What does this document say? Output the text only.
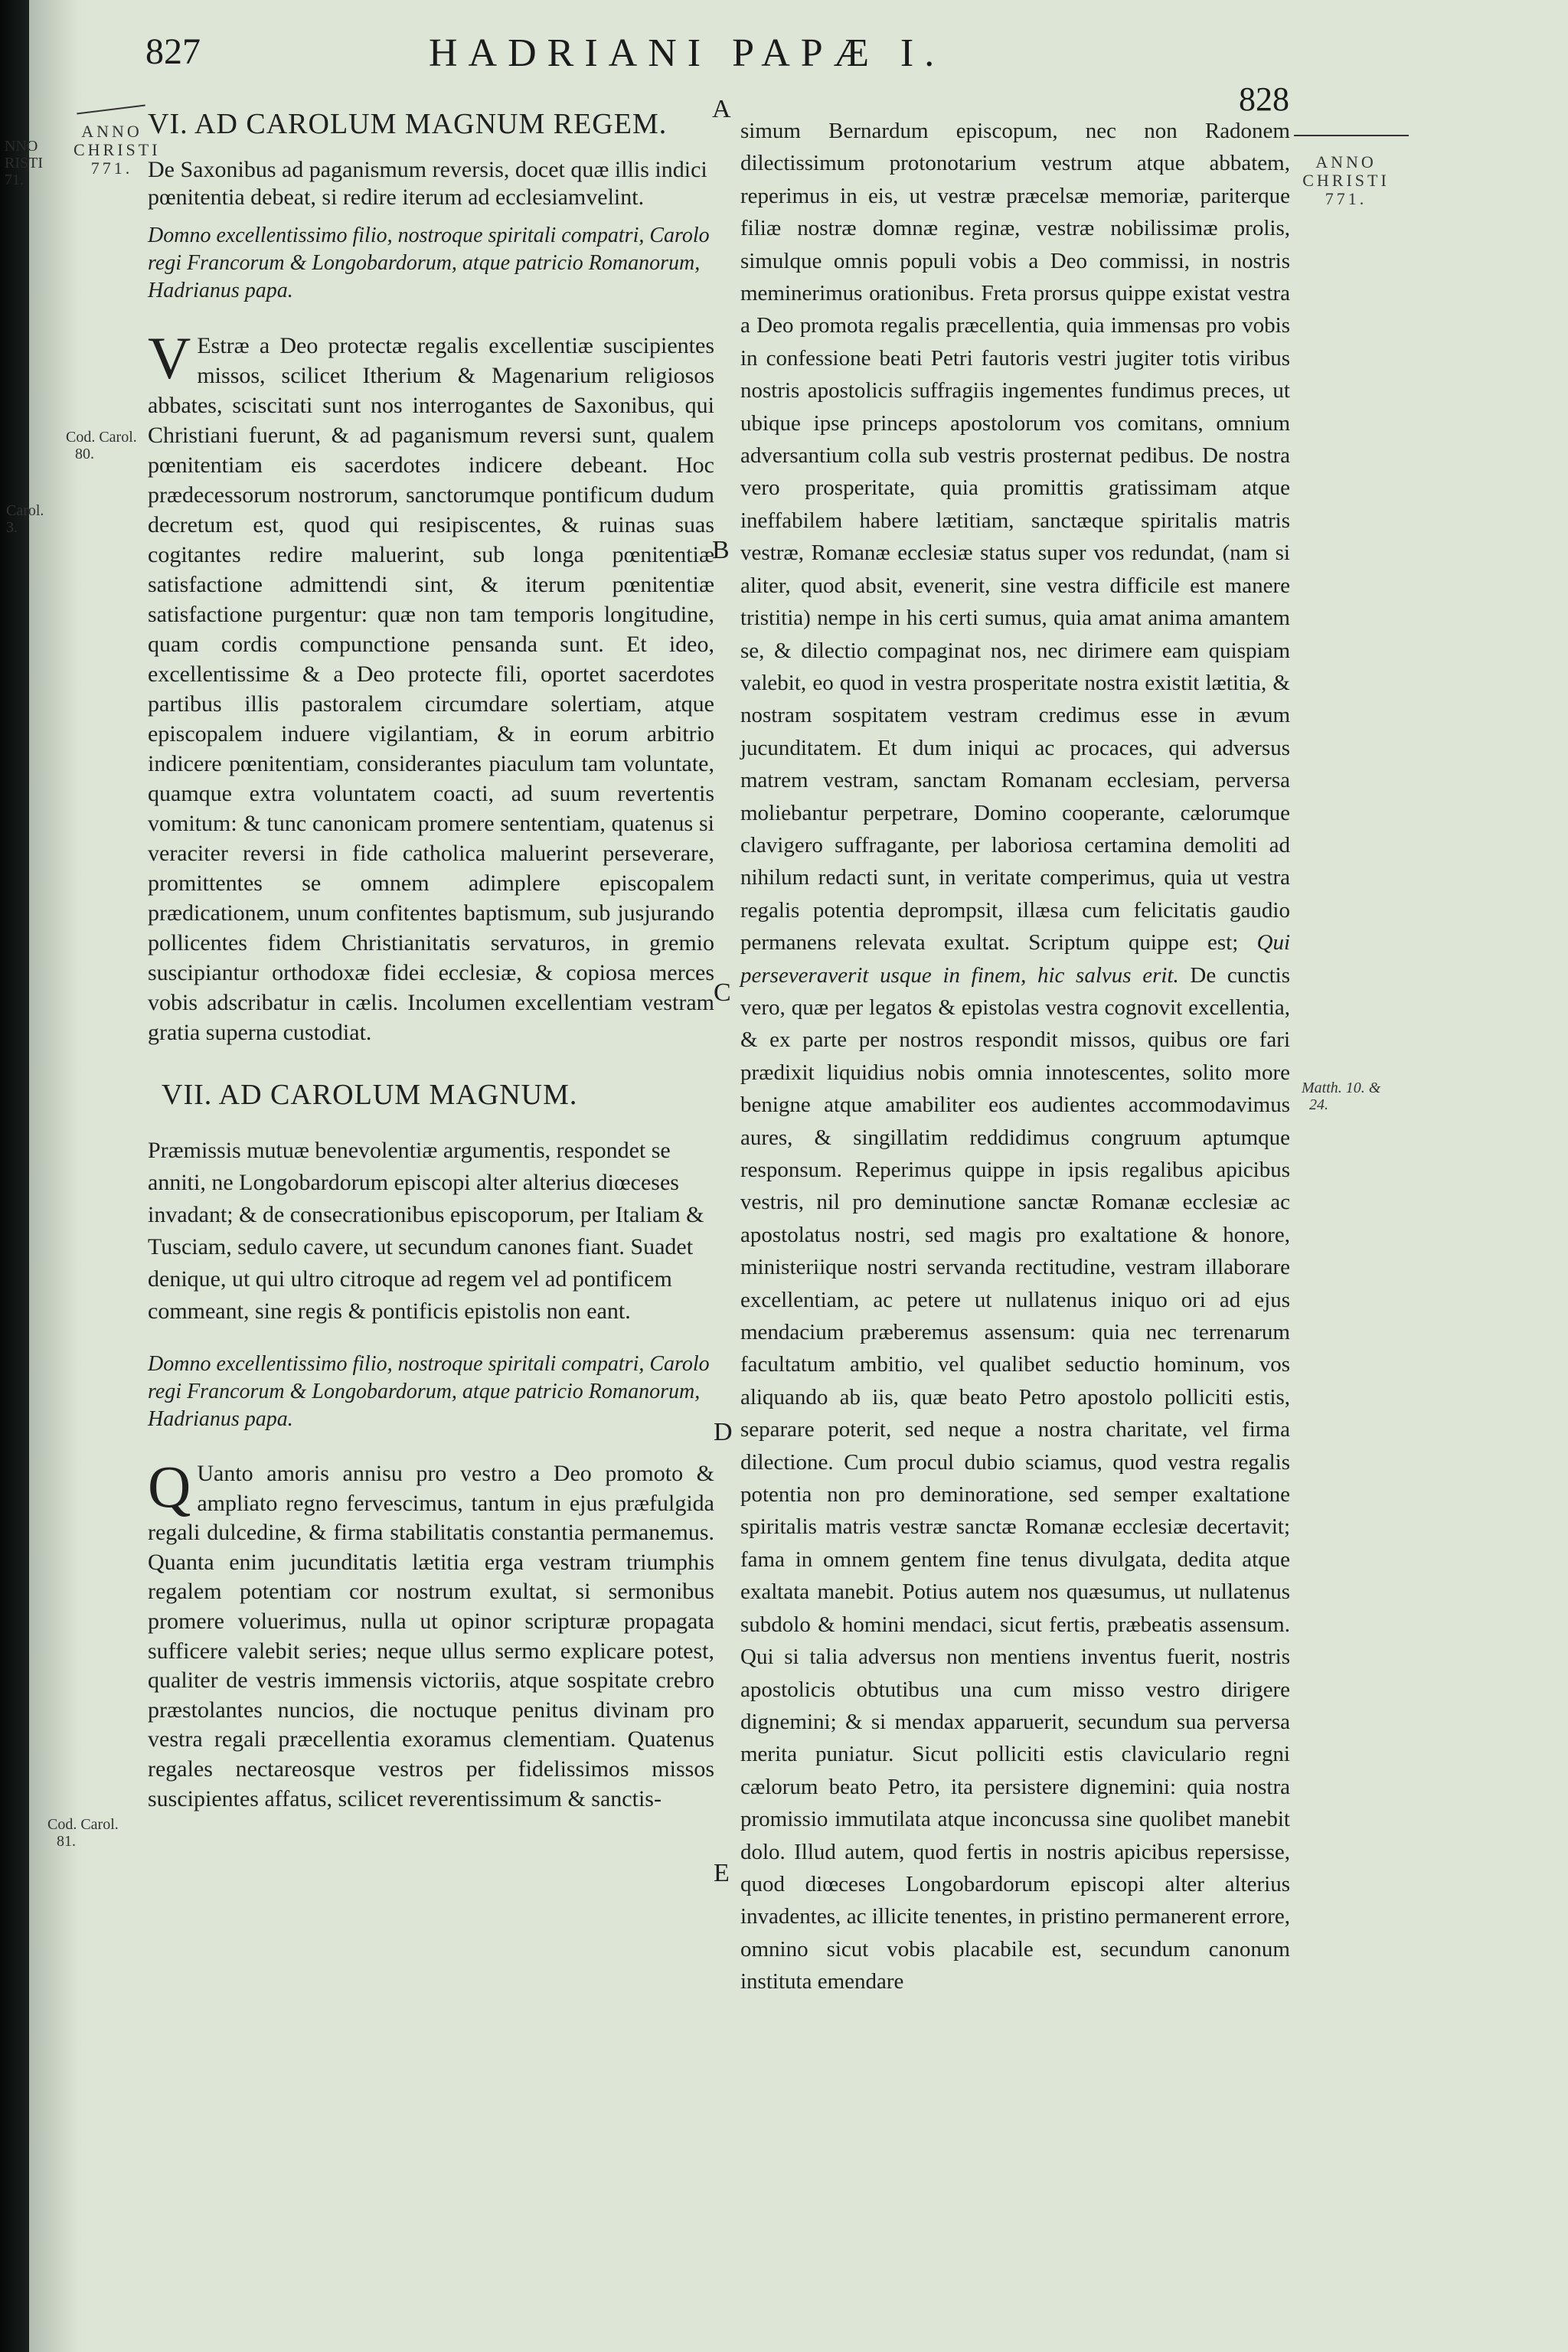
NNO
RISTI
71.
Carol.
3.
827	HADRIANI PAPÆ I.
828
ANNO
CHRISTI
771.	ANNO
CHRISTI
771.
Cod. Carol.
80.
Cod. Carol.
81.
Matth. 10. &
24.
A
B
C
D
E
VI. AD CAROLUM MAGNUM REGEM.
De Saxonibus ad paganismum reversis, docet quæ illis indici pœnitentia debeat, si redire iterum ad ecclesiamvelint.
Domno excellentissimo filio, nostroque spiritali compatri, Carolo regi Francorum & Longobardorum, atque patricio Romanorum, Hadrianus papa.
V Estræ a Deo protectæ regalis excellentiæ suscipientes missos, scilicet Itherium & Magenarium religiosos abbates, sciscitati sunt nos interrogantes de Saxonibus, qui Christiani fuerunt, & ad paganismum reversi sunt, qualem pœnitentiam eis sacerdotes indicere debeant. Hoc prædecessorum nostrorum, sanctorumque pontificum dudum decretum est, quod qui resipiscentes, & ruinas suas cogitantes redire maluerint, sub longa pœnitentiæ satisfactione admittendi sint, & iterum pœnitentiæ satisfactione purgentur: quæ non tam temporis longitudine, quam cordis compunctione pensanda sunt. Et ideo, excellentissime & a Deo protecte fili, oportet sacerdotes partibus illis pastoralem circumdare solertiam, atque episcopalem induere vigilantiam, & in eorum arbitrio indicere pœnitentiam, considerantes piaculum tam voluntate, quamque extra voluntatem coacti, ad suum revertentis vomitum: & tunc canonicam promere sententiam, quatenus si veraciter reversi in fide catholica maluerint perseverare, promittentes se omnem adimplere episcopalem prædicationem, unum confitentes baptismum, sub jusjurando pollicentes fidem Christianitatis servaturos, in gremio suscipiantur orthodoxæ fidei ecclesiæ, & copiosa merces vobis adscribatur in cælis. Incolumen excellentiam vestram gratia superna custodiat.
VII. AD CAROLUM MAGNUM.
Præmissis mutuæ benevolentiæ argumentis, respondet se anniti, ne Longobardorum episcopi alter alterius diœceses invadant; & de consecrationibus episcoporum, per Italiam & Tusciam, sedulo cavere, ut secundum canones fiant. Suadet denique, ut qui ultro citroque ad regem vel ad pontificem commeant, sine regis & pontificis epistolis non eant.
Domno excellentissimo filio, nostroque spiritali compatri, Carolo regi Francorum & Longobardorum, atque patricio Romanorum, Hadrianus papa.
Q Uanto amoris annisu pro vestro a Deo promoto & ampliato regno fervescimus, tantum in ejus præfulgida regali dulcedine, & firma stabilitatis constantia permanemus. Quanta enim jucunditatis lætitia erga vestram triumphis regalem potentiam cor nostrum exultat, si sermonibus promere voluerimus, nulla ut opinor scripturæ propagata sufficere valebit series; neque ullus sermo explicare potest, qualiter de vestris immensis victoriis, atque sospitate crebro præstolantes nuncios, die noctuque penitus divinam pro vestra regali præcellentia exoramus clementiam. Quatenus regales nectareosque vestros per fidelissimos missos suscipientes affatus, scilicet reverentissimum & sanctis-
simum Bernardum episcopum, nec non Radonem dilectissimum protonotarium vestrum atque abbatem, reperimus in eis, ut vestræ præcelsæ memoriæ, pariterque filiæ nostræ domnæ reginæ, vestræ nobilissimæ prolis, simulque omnis populi vobis a Deo commissi, in nostris meminerimus orationibus. Freta prorsus quippe existat vestra a Deo promota regalis præcellentia, quia immensas pro vobis in confessione beati Petri fautoris vestri jugiter totis viribus nostris apostolicis suffragiis ingementes fundimus preces, ut ubique ipse princeps apostolorum vos comitans, omnium adversantium colla sub vestris prosternat pedibus. De nostra vero prosperitate, quia promittis gratissimam atque ineffabilem habere lætitiam, sanctæque spiritalis matris vestræ, Romanæ ecclesiæ status super vos redundat, (nam si aliter, quod absit, evenerit, sine vestra difficile est manere tristitia) nempe in his certi sumus, quia amat anima amantem se, & dilectio compaginat nos, nec dirimere eam quispiam valebit, eo quod in vestra prosperitate nostra existit lætitia, & nostram sospitatem vestram credimus esse in ævum jucunditatem. Et dum iniqui ac procaces, qui adversus matrem vestram, sanctam Romanam ecclesiam, perversa moliebantur perpetrare, Domino cooperante, cælorumque clavigero suffragante, per laboriosa certamina demoliti ad nihilum redacti sunt, in veritate comperimus, quia ut vestra regalis potentia deprompsit, illæsa cum felicitatis gaudio permanens relevata exultat. Scriptum quippe est; Qui perseveraverit usque in finem, hic salvus erit. De cunctis vero, quæ per legatos & epistolas vestra cognovit excellentia, & ex parte per nostros respondit missos, quibus ore fari prædixit liquidius nobis omnia innotescentes, solito more benigne atque amabiliter eos audientes accommodavimus aures, & singillatim reddidimus congruum aptumque responsum. Reperimus quippe in ipsis regalibus apicibus vestris, nil pro deminutione sanctæ Romanæ ecclesiæ ac apostolatus nostri, sed magis pro exaltatione & honore, ministeriique nostri servanda rectitudine, vestram illaborare excellentiam, ac petere ut nullatenus iniquo ori ad ejus mendacium præberemus assensum: quia nec terrenarum facultatum ambitio, vel qualibet seductio hominum, vos aliquando ab iis, quæ beato Petro apostolo polliciti estis, separare poterit, sed neque a nostra charitate, vel firma dilectione. Cum procul dubio sciamus, quod vestra regalis potentia non pro deminoratione, sed semper exaltatione spiritalis matris vestræ sanctæ Romanæ ecclesiæ decertavit; fama in omnem gentem fine tenus divulgata, dedita atque exaltata manebit. Potius autem nos quæsumus, ut nullatenus subdolo & homini mendaci, sicut fertis, præbeatis assensum. Qui si talia adversus non mentiens inventus fuerit, nostris apostolicis obtutibus una cum misso vestro dirigere dignemini; & si mendax apparuerit, secundum sua perversa merita puniatur. Sicut polliciti estis claviculario regni cælorum beato Petro, ita persistere dignemini: quia nostra promissio immutilata atque inconcussa sine quolibet manebit dolo. Illud autem, quod fertis in nostris apicibus repersisse, quod diœceses Longobardorum episcopi alter alterius invadentes, ac illicite tenentes, in pristino permanerent errore, omnino sicut vobis placabile est, secundum canonum instituta emendare
